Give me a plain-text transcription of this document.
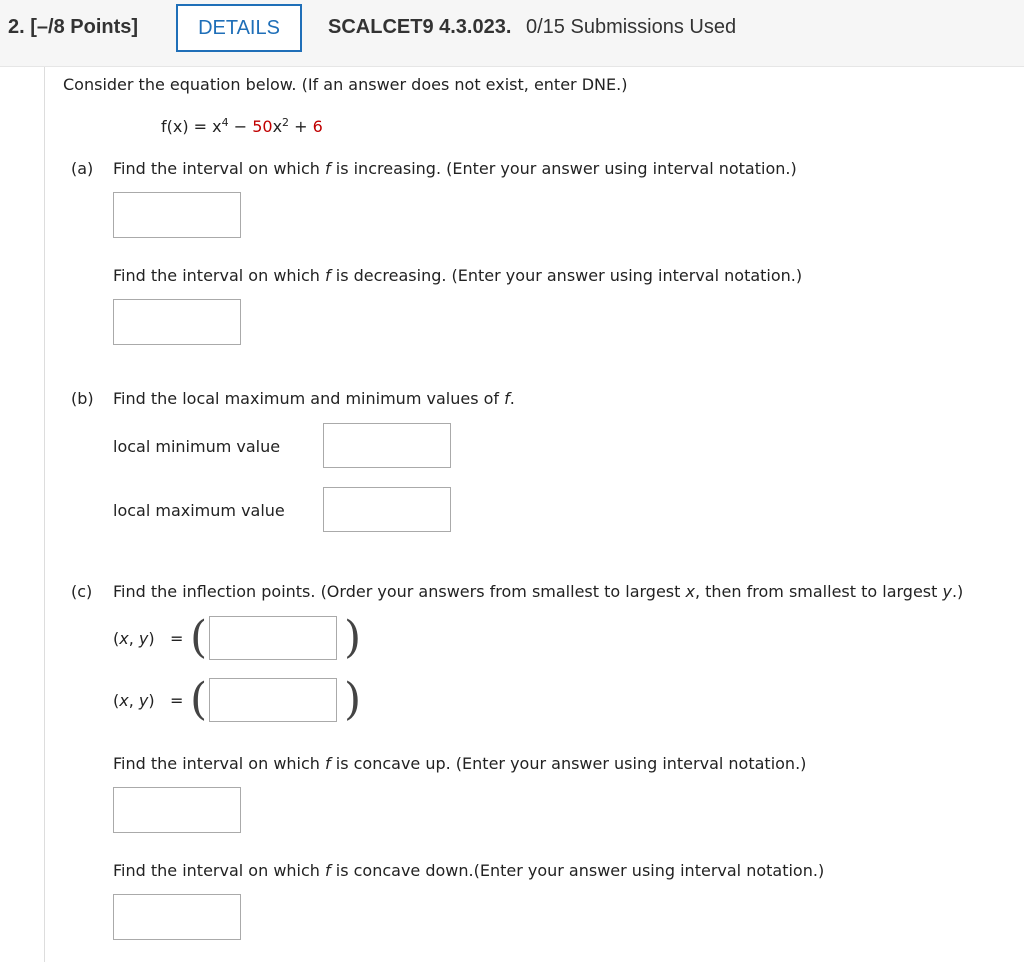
2. [–/8 Points]	DETAILS	SCALCET9 4.3.023. 0/15 Submissions Used
Consider the equation below. (If an answer does not exist, enter DNE.)
$f(x) = x^4 - 50x^2 + 6$
(a) Find the interval on which f is increasing. (Enter your answer using interval notation.)
Find the interval on which f is decreasing. (Enter your answer using interval notation.)
(b) Find the local maximum and minimum values of f.
local minimum value
local maximum value
(c) Find the inflection points. (Order your answers from smallest to largest x, then from smallest to largest y.)
(x, y) = (	)
(x, y) = (	)
Find the interval on which f is concave up. (Enter your answer using interval notation.)
Find the interval on which f is concave down.(Enter your answer using interval notation.)
